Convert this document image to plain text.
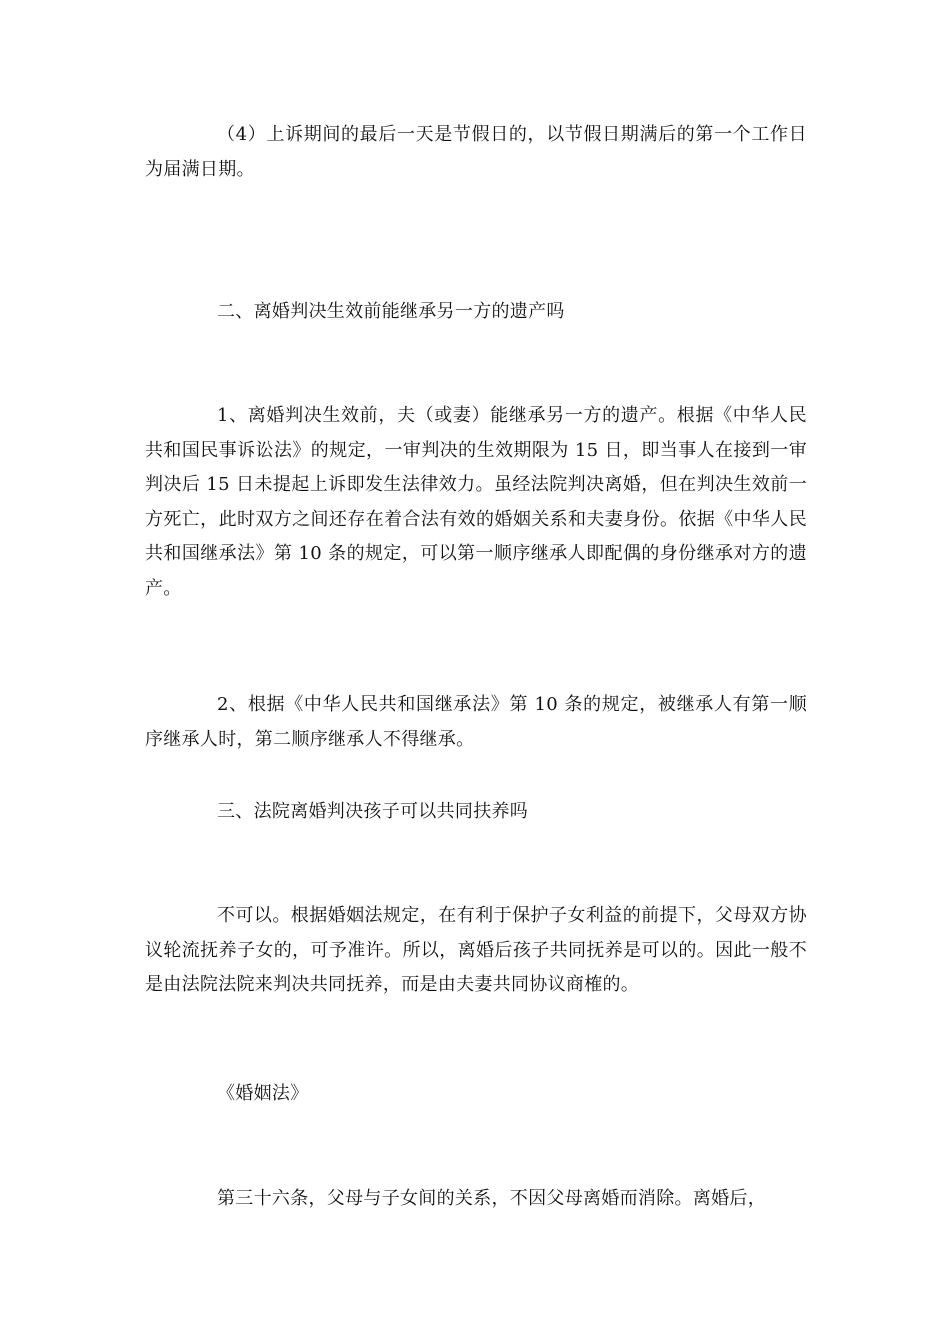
（4）上诉期间的最后一天是节假日的，以节假日期满后的第一个工作日为届满日期。

二、离婚判决生效前能继承另一方的遗产吗

1、离婚判决生效前，夫（或妻）能继承另一方的遗产。根据《中华人民共和国民事诉讼法》的规定，一审判决的生效期限为 15 日，即当事人在接到一审判决后 15 日未提起上诉即发生法律效力。虽经法院判决离婚，但在判决生效前一方死亡，此时双方之间还存在着合法有效的婚姻关系和夫妻身份。依据《中华人民共和国继承法》第 10 条的规定，可以第一顺序继承人即配偶的身份继承对方的遗产。

2、根据《中华人民共和国继承法》第 10 条的规定，被继承人有第一顺序继承人时，第二顺序继承人不得继承。

三、法院离婚判决孩子可以共同扶养吗

不可以。根据婚姻法规定，在有利于保护子女利益的前提下，父母双方协议轮流抚养子女的，可予准许。所以，离婚后孩子共同抚养是可以的。因此一般不是由法院法院来判决共同抚养，而是由夫妻共同协议商榷的。

《婚姻法》

第三十六条，父母与子女间的关系，不因父母离婚而消除。离婚后，
